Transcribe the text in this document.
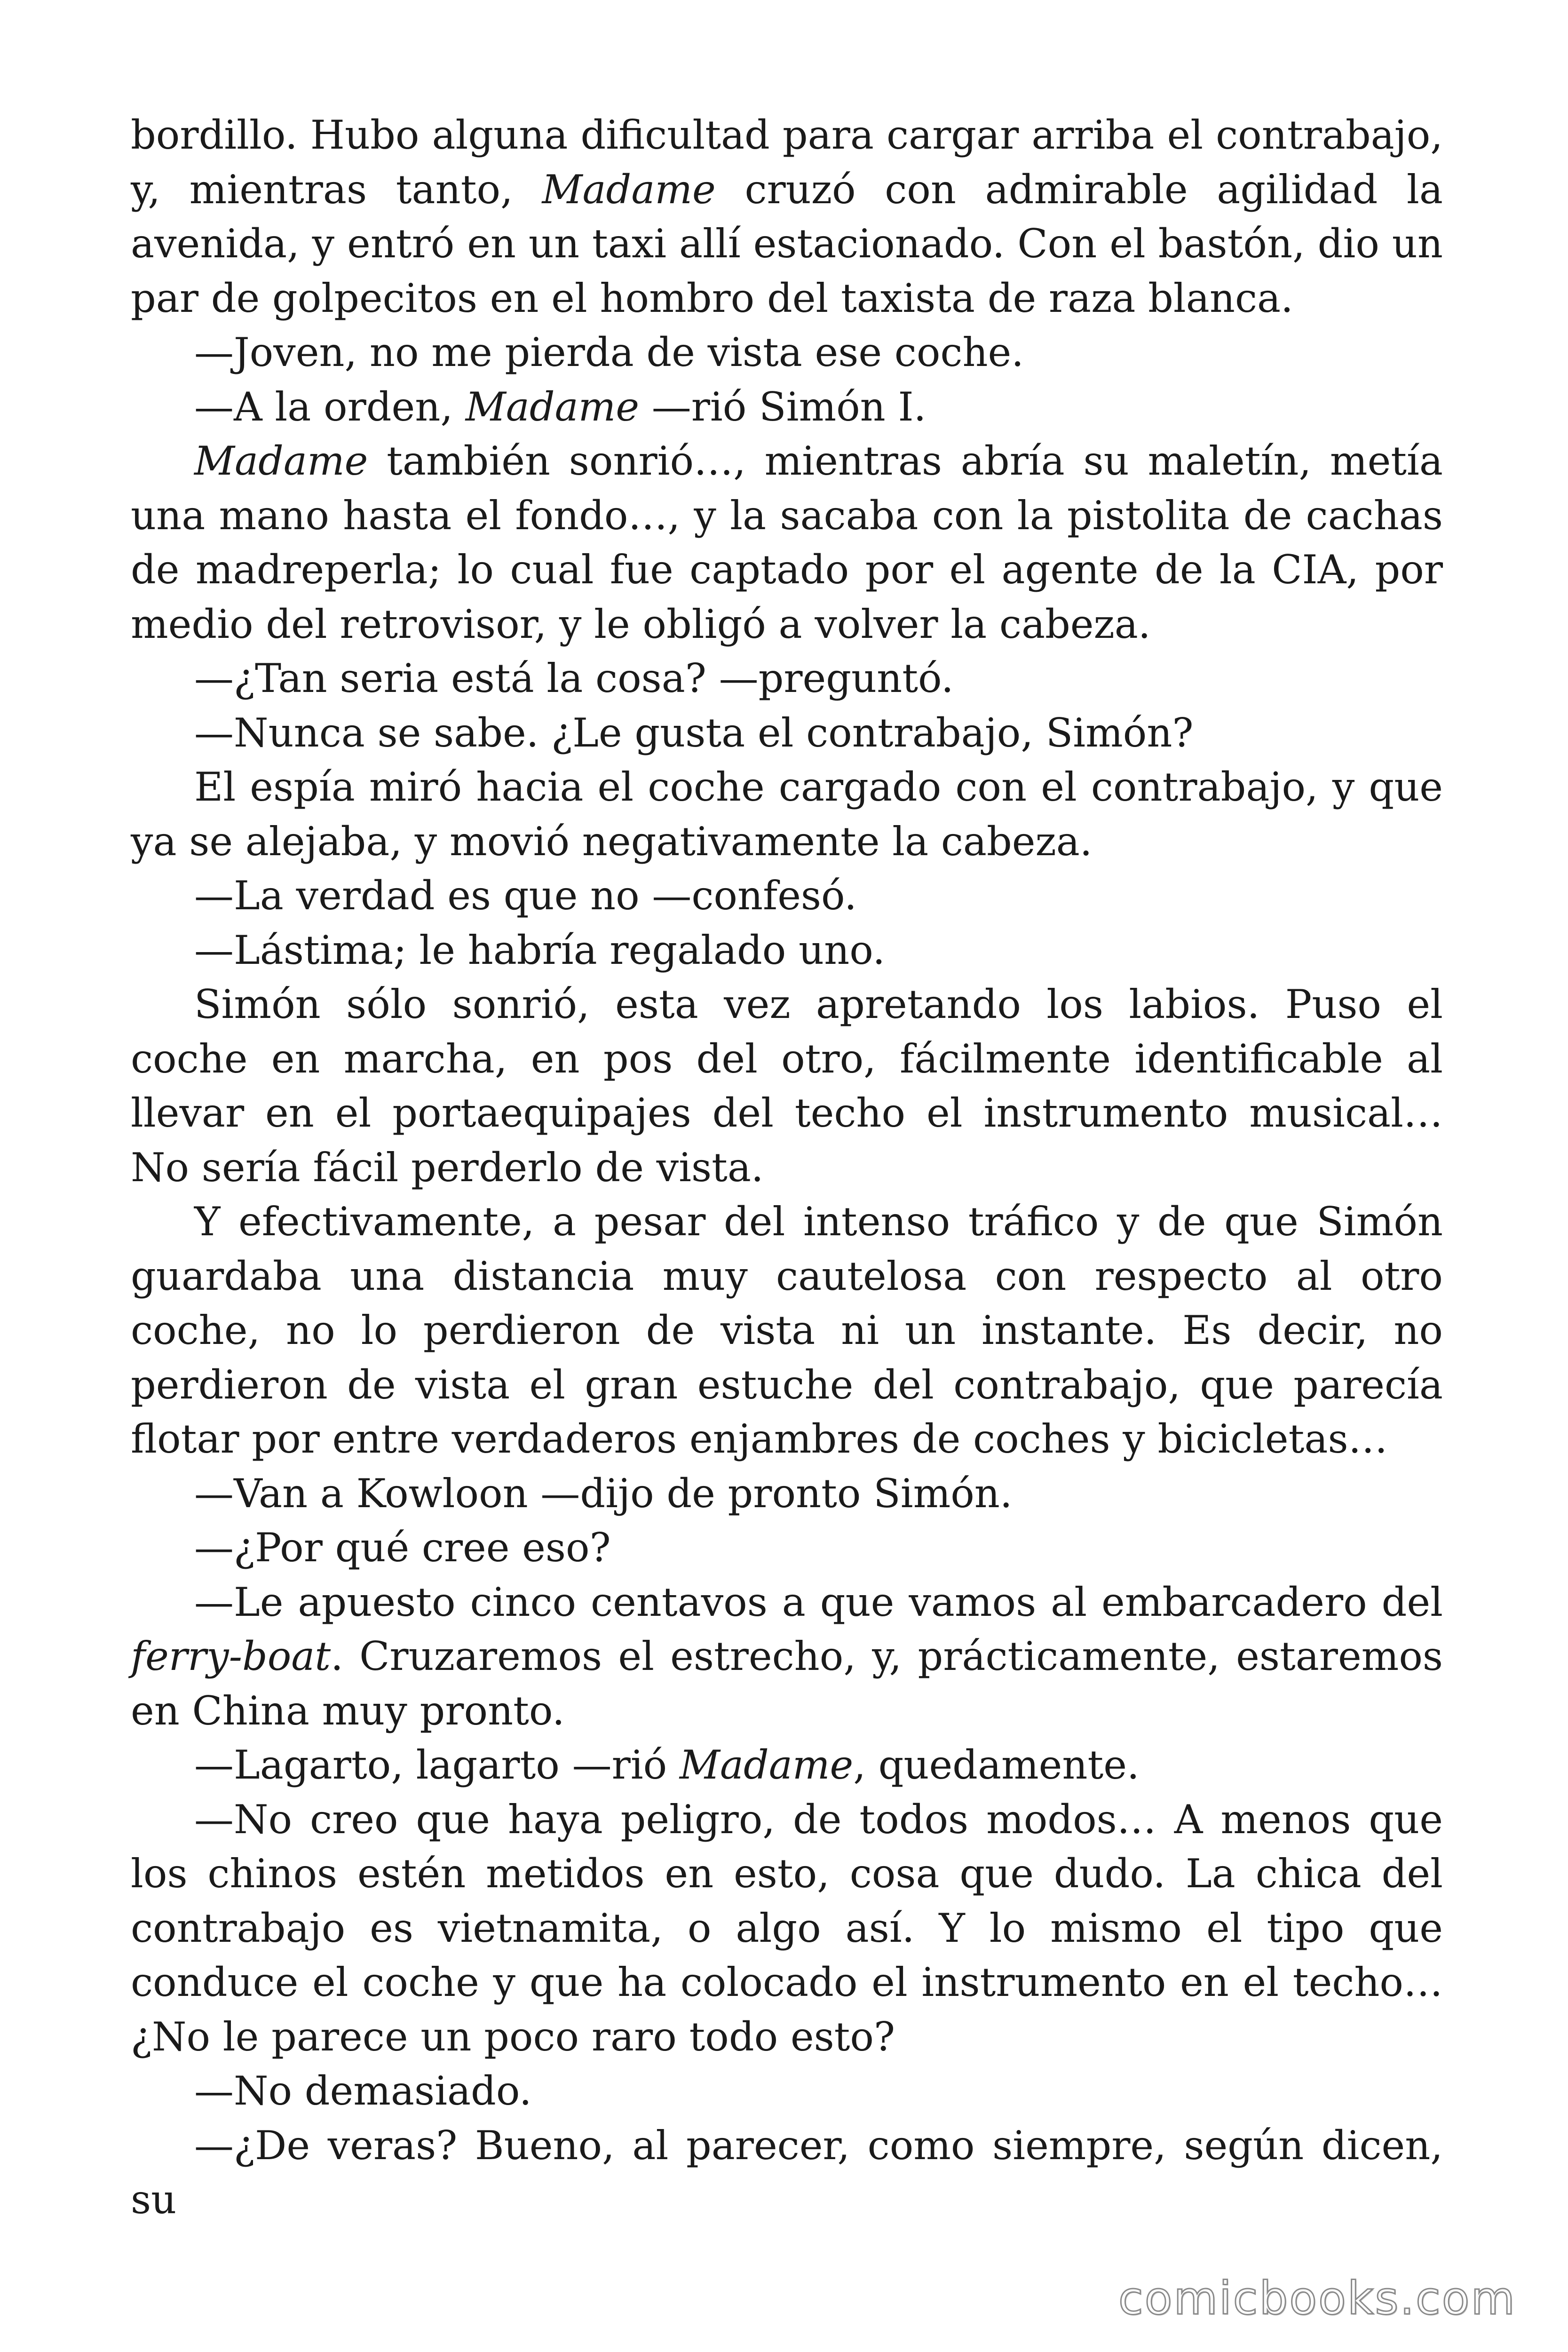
bordillo. Hubo alguna dificultad para cargar arriba el contrabajo, y, mientras tanto, Madame cruzó con admirable agilidad la avenida, y entró en un taxi allí estacionado. Con el bastón, dio un par de golpecitos en el hombro del taxista de raza blanca.

—Joven, no me pierda de vista ese coche.

—A la orden, Madame —rió Simón I.

Madame también sonrió…, mientras abría su maletín, metía una mano hasta el fondo…, y la sacaba con la pistolita de cachas de madreperla; lo cual fue captado por el agente de la CIA, por medio del retrovisor, y le obligó a volver la cabeza.

—¿Tan seria está la cosa? —preguntó.

—Nunca se sabe. ¿Le gusta el contrabajo, Simón?

El espía miró hacia el coche cargado con el contrabajo, y que ya se alejaba, y movió negativamente la cabeza.

—La verdad es que no —confesó.

—Lástima; le habría regalado uno.

Simón sólo sonrió, esta vez apretando los labios. Puso el coche en marcha, en pos del otro, fácilmente identificable al llevar en el portaequipajes del techo el instrumento musical… No sería fácil perderlo de vista.

Y efectivamente, a pesar del intenso tráfico y de que Simón guardaba una distancia muy cautelosa con respecto al otro coche, no lo perdieron de vista ni un instante. Es decir, no perdieron de vista el gran estuche del contrabajo, que parecía flotar por entre verdaderos enjambres de coches y bicicletas…

—Van a Kowloon —dijo de pronto Simón.

—¿Por qué cree eso?

—Le apuesto cinco centavos a que vamos al embarcadero del ferry-boat. Cruzaremos el estrecho, y, prácticamente, estaremos en China muy pronto.

—Lagarto, lagarto —rió Madame, quedamente.

—No creo que haya peligro, de todos modos… A menos que los chinos estén metidos en esto, cosa que dudo. La chica del contrabajo es vietnamita, o algo así. Y lo mismo el tipo que conduce el coche y que ha colocado el instrumento en el techo… ¿No le parece un poco raro todo esto?

—No demasiado.

—¿De veras? Bueno, al parecer, como siempre, según dicen, su

comicbooks.com
